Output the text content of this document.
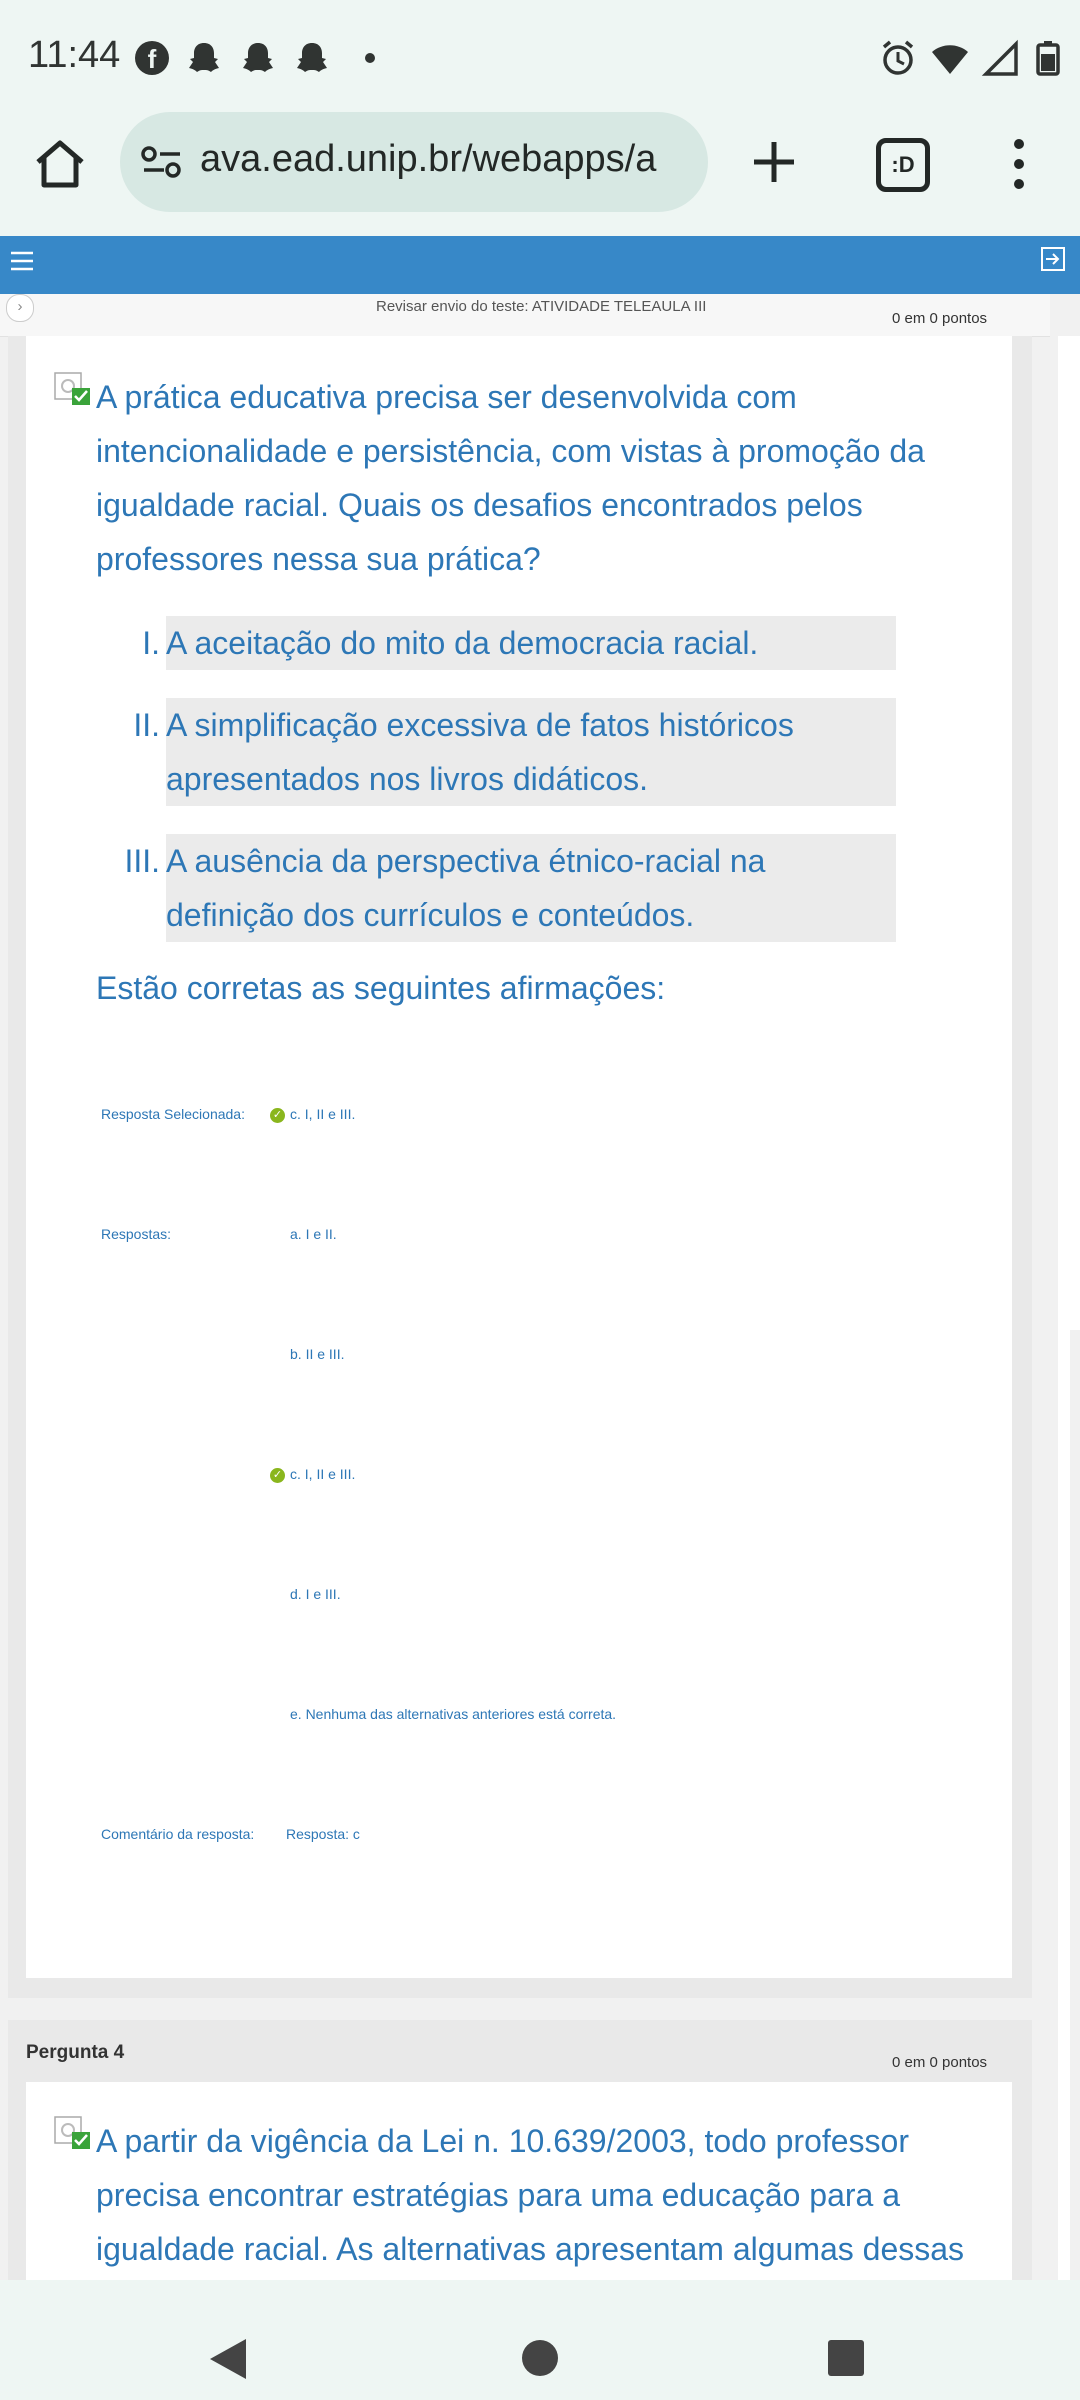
11:44 f
ava.ead.unip.br/webapps/a	:D
›	Revisar envio do teste: ATIVIDADE TELEAULA III
0 em 0 pontos
A prática educativa precisa ser desenvolvida com intencionalidade e persistência, com vistas à promoção da igualdade racial. Quais os desafios encontrados pelos professores nessa sua prática?
I. A aceitação do mito da democracia racial.
II. A simplificação excessiva de fatos históricos apresentados nos livros didáticos.
III. A ausência da perspectiva étnico-racial na definição dos currículos e conteúdos.
Estão corretas as seguintes afirmações:
Resposta Selecionada:	✓ c. I, II e III.
Respostas:	a. I e II.
b. II e III.
✓ c. I, II e III.
d. I e III.
e. Nenhuma das alternativas anteriores está correta.
Comentário da resposta: Resposta: c
Pergunta 4	0 em 0 pontos
A partir da vigência da Lei n. 10.639/2003, todo professor precisa encontrar estratégias para uma educação para a igualdade racial. As alternativas apresentam algumas dessas
